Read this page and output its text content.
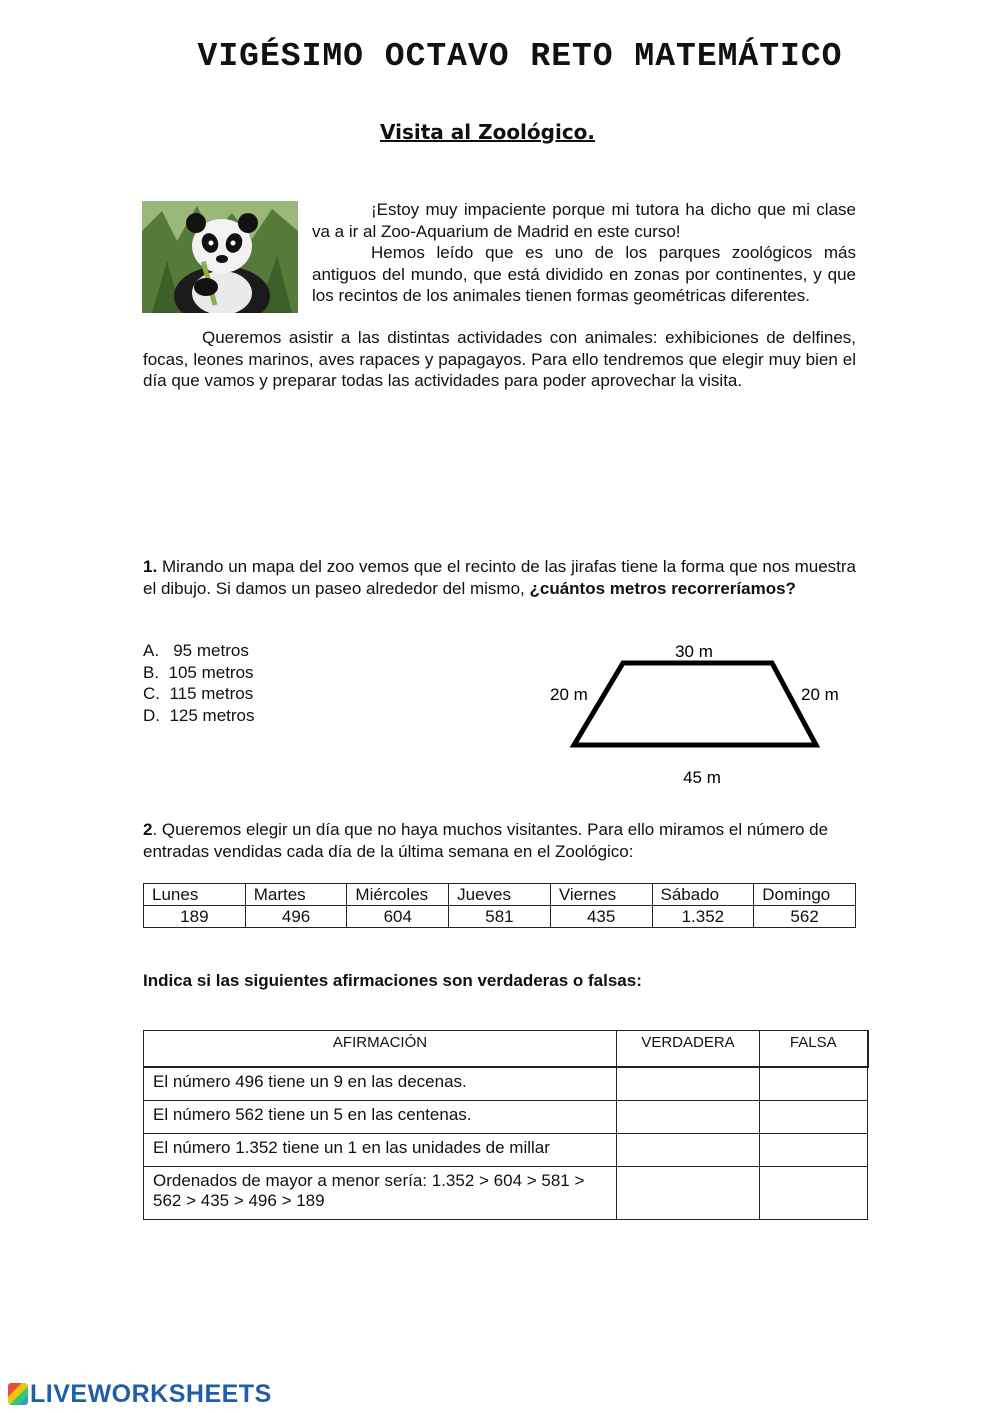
VIGÉSIMO OCTAVO RETO MATEMÁTICO
Visita al Zoológico.
¡Estoy muy impaciente porque mi tutora ha dicho que mi clase va a ir al Zoo-Aquarium de Madrid en este curso!
Hemos leído que es uno de los parques zoológicos más antiguos del mundo, que está dividido en zonas por continentes, y que los recintos de los animales tienen formas geométricas diferentes.
Queremos asistir a las distintas actividades con animales: exhibiciones de delfines, focas, leones marinos, aves rapaces y papagayos. Para ello tendremos que elegir muy bien el día que vamos y preparar todas las actividades para poder aprovechar la visita.
1. Mirando un mapa del zoo vemos que el recinto de las jirafas tiene la forma que nos muestra el dibujo. Si damos un paseo alrededor del mismo, ¿cuántos metros recorreríamos?
A.   95 metros
B.  105 metros
C.  115 metros
D.  125 metros
30 m
20 m	20 m
45 m
2. Queremos elegir un día que no haya muchos visitantes. Para ello miramos el número de entradas vendidas cada día de la última semana en el Zoológico:
Lunes	Martes	Miércoles	Jueves	Viernes	Sábado	Domingo
189	496	604	581	435	1.352	562
Indica si las siguientes afirmaciones son verdaderas o falsas:
AFIRMACIÓN	VERDADERA	FALSA
El número 496 tiene un 9 en las decenas.		
El número 562 tiene un 5 en las centenas.		
El número 1.352 tiene un 1 en las unidades de millar		
Ordenados de mayor a menor sería: 1.352 > 604 > 581 > 562 > 435 > 496 > 189		
LIVEWORKSHEETS
